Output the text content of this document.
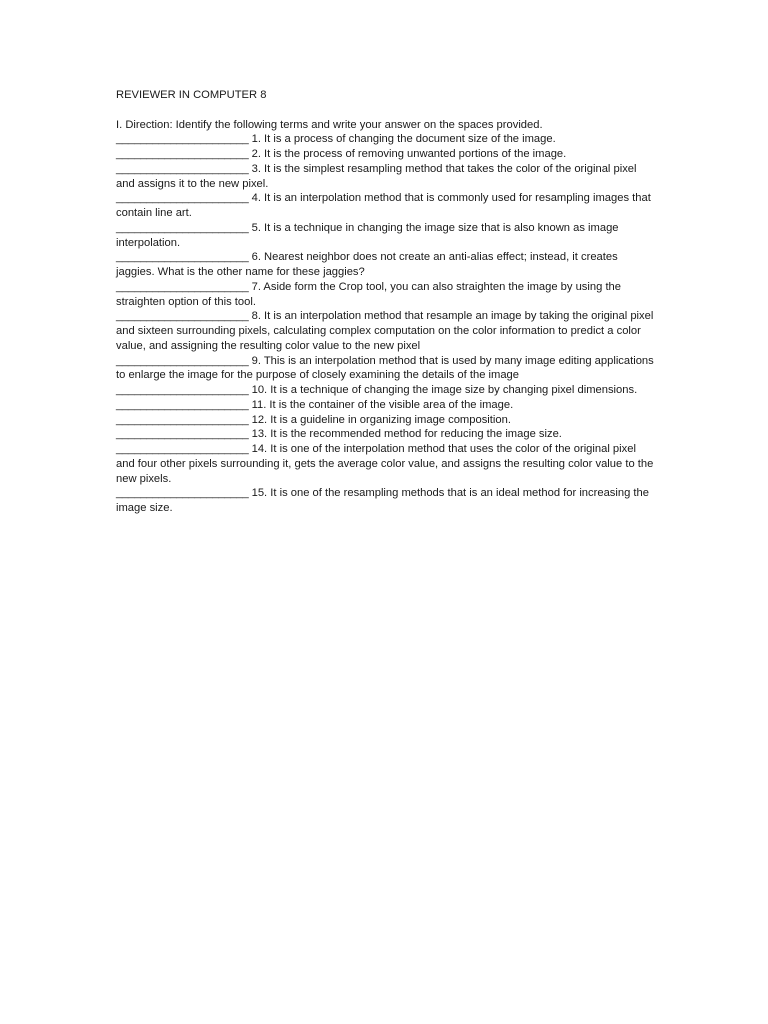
REVIEWER IN COMPUTER 8

I. Direction: Identify the following terms and write your answer on the spaces provided.

______________________ 1. It is a process of changing the document size of the image.

______________________ 2. It is the process of removing unwanted portions of the image.

______________________ 3. It is the simplest resampling method that takes the color of the original pixel and assigns it to the new pixel.

______________________ 4. It is an interpolation method that is commonly used for resampling images that contain line art.

______________________ 5. It is a technique in changing the image size that is also known as image interpolation.

______________________ 6. Nearest neighbor does not create an anti-alias effect; instead, it creates jaggies. What is the other name for these jaggies?

______________________ 7. Aside form the Crop tool, you can also straighten the image by using the straighten option of this tool.

______________________ 8. It is an interpolation method that resample an image by taking the original pixel and sixteen surrounding pixels, calculating complex computation on the color information to predict a color value, and assigning the resulting color value to the new pixel

______________________ 9. This is an interpolation method that is used by many image editing applications to enlarge the image for the purpose of closely examining the details of the image

______________________ 10. It is a technique of changing the image size by changing pixel dimensions.

______________________ 11. It is the container of the visible area of the image.

______________________ 12. It is a guideline in organizing image composition.

______________________ 13. It is the recommended method for reducing the image size.

______________________ 14. It is one of the interpolation method that uses the color of the original pixel and four other pixels surrounding it, gets the average color value, and assigns the resulting color value to the new pixels.

______________________ 15. It is one of the resampling methods that is an ideal method for increasing the image size.
